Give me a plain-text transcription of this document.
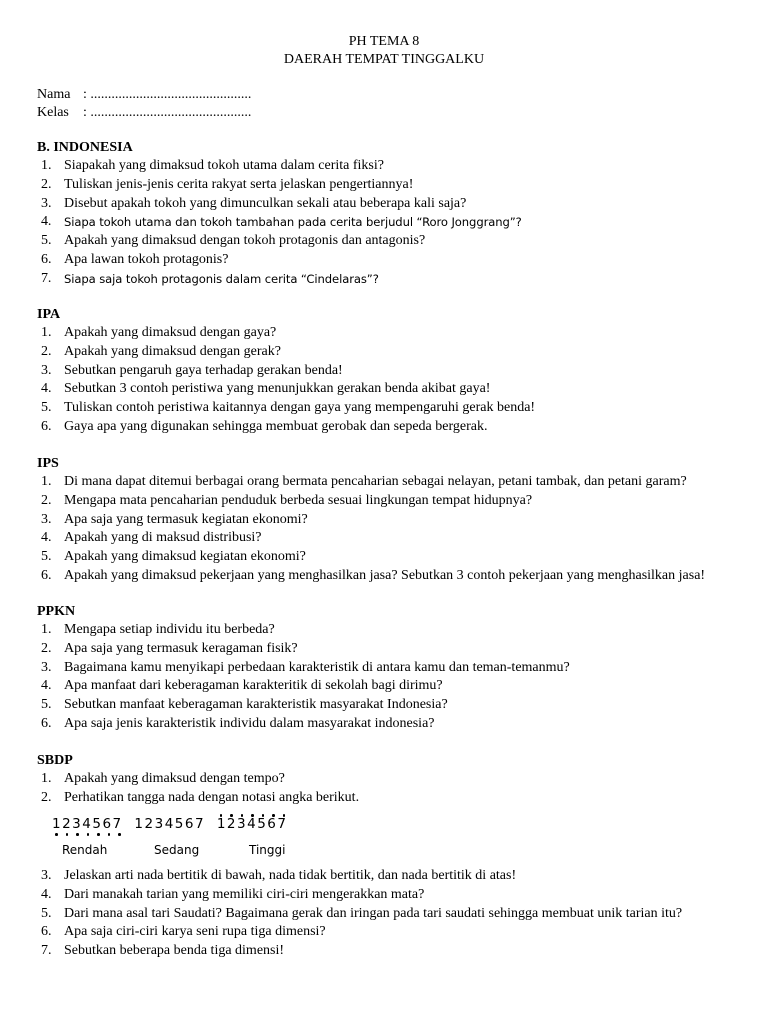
PH TEMA 8
DAERAH TEMPAT TINGGALKU
Nama : ..............................................
Kelas : ..............................................
B. INDONESIA
1. Siapakah yang dimaksud tokoh utama dalam cerita fiksi?
2. Tuliskan jenis-jenis cerita rakyat serta jelaskan pengertiannya!
3. Disebut apakah tokoh yang dimunculkan sekali atau beberapa kali saja?
4. Siapa tokoh utama dan tokoh tambahan pada cerita berjudul “Roro Jonggrang”?
5. Apakah yang dimaksud dengan tokoh protagonis dan antagonis?
6. Apa lawan tokoh protagonis?
7. Siapa saja tokoh protagonis dalam cerita “Cindelaras”?
IPA
1. Apakah yang dimaksud dengan gaya?
2. Apakah yang dimaksud dengan gerak?
3. Sebutkan pengaruh gaya terhadap gerakan benda!
4. Sebutkan 3 contoh peristiwa yang menunjukkan gerakan benda akibat gaya!
5. Tuliskan contoh peristiwa kaitannya dengan gaya yang mempengaruhi gerak benda!
6. Gaya apa yang digunakan sehingga membuat gerobak dan sepeda bergerak.
IPS
1. Di mana dapat ditemui berbagai orang bermata pencaharian sebagai nelayan, petani tambak, dan petani garam?
2. Mengapa mata pencaharian penduduk berbeda sesuai lingkungan tempat hidupnya?
3. Apa saja yang termasuk kegiatan ekonomi?
4. Apakah yang di maksud distribusi?
5. Apakah yang dimaksud kegiatan ekonomi?
6. Apakah yang dimaksud pekerjaan yang menghasilkan jasa? Sebutkan 3 contoh pekerjaan yang menghasilkan jasa!
PPKN
1. Mengapa setiap individu itu berbeda?
2. Apa saja yang termasuk keragaman fisik?
3. Bagaimana kamu menyikapi perbedaan karakteristik di antara kamu dan teman-temanmu?
4. Apa manfaat dari keberagaman karakteritik di sekolah bagi dirimu?
5. Sebutkan manfaat keberagaman karakteristik masyarakat Indonesia?
6. Apa saja jenis karakteristik individu dalam masyarakat indonesia?
SBDP
1. Apakah yang dimaksud dengan tempo?
2. Perhatikan tangga nada dengan notasi angka berikut.
1234567 1234567 1234567
Rendah	Sedang	Tinggi
3. Jelaskan arti nada bertitik di bawah, nada tidak bertitik, dan nada bertitik di atas!
4. Dari manakah tarian yang memiliki ciri-ciri mengerakkan mata?
5. Dari mana asal tari Saudati? Bagaimana gerak dan iringan pada tari saudati sehingga membuat unik tarian itu?
6. Apa saja ciri-ciri karya seni rupa tiga dimensi?
7. Sebutkan beberapa benda tiga dimensi!
